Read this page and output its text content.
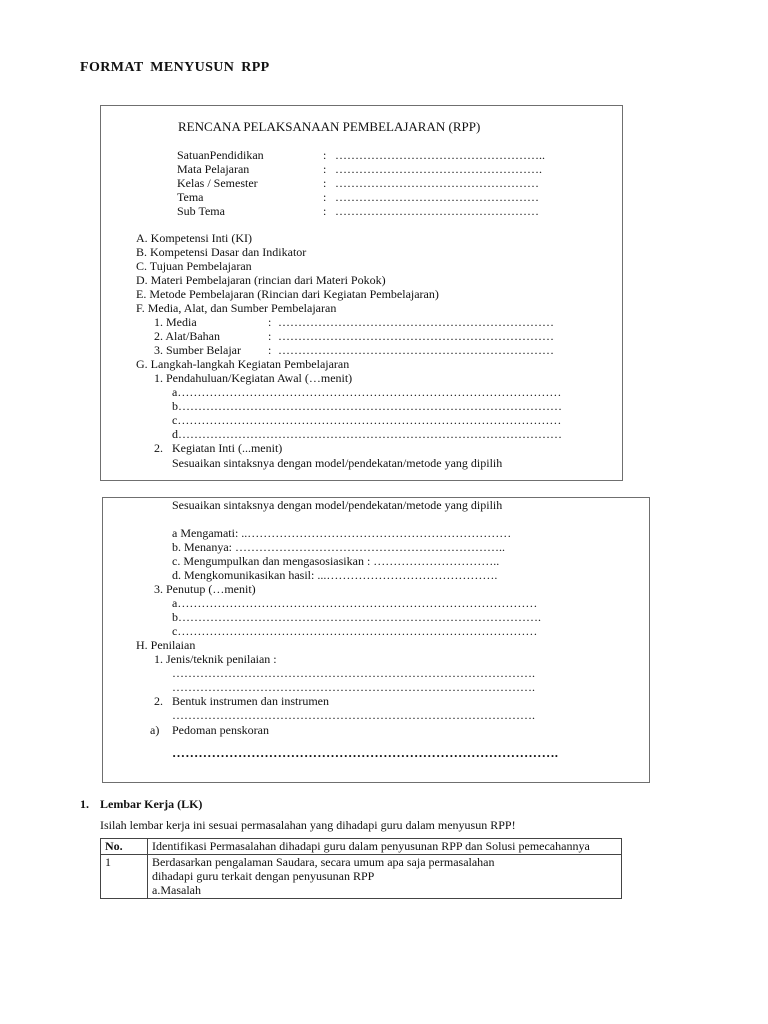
FORMAT MENYUSUN RPP
RENCANA PELAKSANAAN PEMBELAJARAN (RPP)
SatuanPendidikan	: ……………………………………………..
Mata Pelajaran	: …………………………………………….
Kelas / Semester	: ……………………………………………
Tema	: ……………………………………………
Sub Tema	: ……………………………………………
A. Kompetensi Inti (KI)
B. Kompetensi Dasar dan Indikator
C. Tujuan Pembelajaran
D. Materi Pembelajaran (rincian dari Materi Pokok)
E. Metode Pembelajaran (Rincian dari Kegiatan Pembelajaran)
F. Media, Alat, dan Sumber Pembelajaran
1. Media	: ……………………………………………………………
2. Alat/Bahan	: ……………………………………………………………
3. Sumber Belajar : ……………………………………………………………
G. Langkah-langkah Kegiatan Pembelajaran
1. Pendahuluan/Kegiatan Awal (…menit)
a……………………………………………………………………………………
b……………………………………………………………………………………
c……………………………………………………………………………………
d……………………………………………………………………………………
2. Kegiatan Inti (...menit)
Sesuaikan sintaksnya dengan model/pendekatan/metode yang dipilih
Sesuaikan sintaksnya dengan model/pendekatan/metode yang dipilih
a Mengamati: ..…………………………………………………………
b. Menanya: …………………………………………………………..
c. Mengumpulkan dan mengasosiasikan : …………………………..
d. Mengkomunikasikan hasil: ...…………………………………….
3. Penutup (…menit)
a………………………………………………………………………………
b……………………………………………………………………………….
c………………………………………………………………………………
H. Penilaian
1. Jenis/teknik penilaian :
……………………………………………………………………………….
……………………………………………………………………………….
2. Bentuk instrumen dan instrumen
……………………………………………………………………………….
a) Pedoman penskoran
…………………………………………………………………………….
1. Lembar Kerja (LK)
Isilah lembar kerja ini sesuai permasalahan yang dihadapi guru dalam menyusun RPP!
No.	Identifikasi Permasalahan dihadapi guru dalam penyusunan RPP dan Solusi pemecahannya
1	Berdasarkan pengalaman Saudara, secara umum apa saja permasalahan
dihadapi guru terkait dengan penyusunan RPP
a.Masalah
